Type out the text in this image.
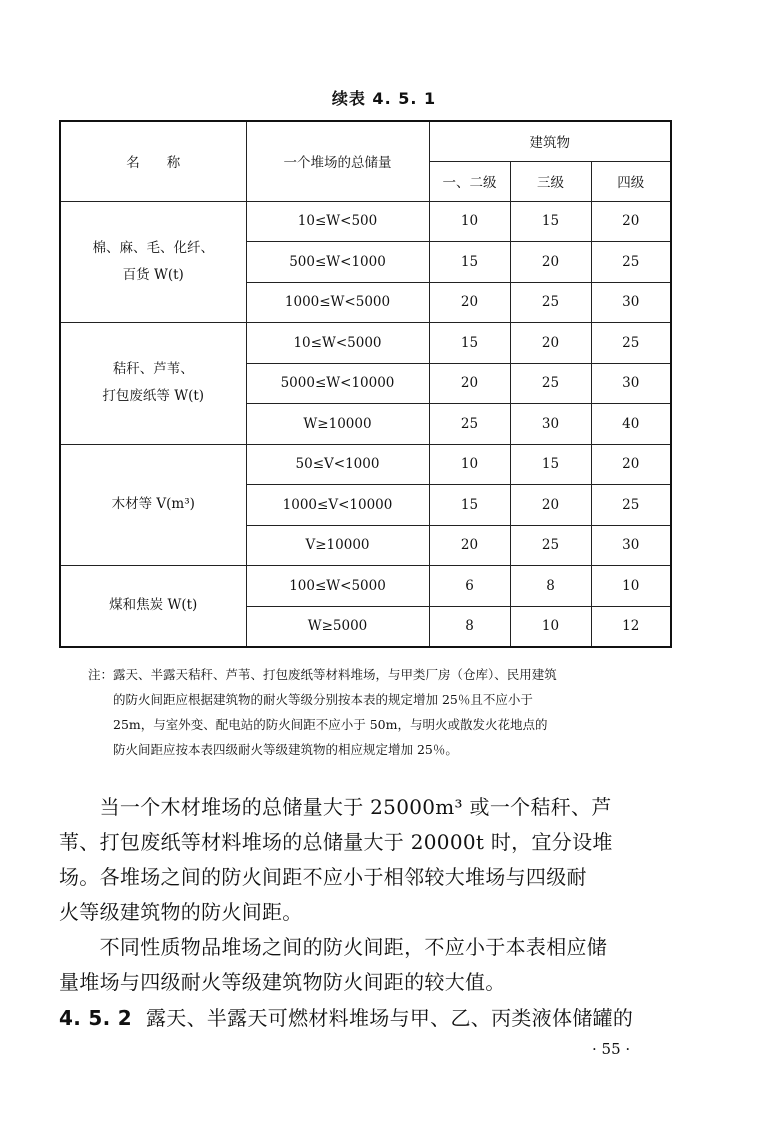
续表 4. 5. 1
名　　称	一个堆场的总储量	建筑物		
		一、二级	三级	四级

棉、麻、毛、化纤、
百货 W(t)	10≤W<500	10	15	20
	500≤W<1000	15	20	25
	1000≤W<5000	20	25	30

秸秆、芦苇、
打包废纸等 W(t)	10≤W<5000	15	20	25
	5000≤W<10000	20	25	30
	W≥10000	25	30	40

木材等 V(m³)	50≤V<1000	10	15	20
	1000≤V<10000	15	20	25
	V≥10000	20	25	30

煤和焦炭 W(t)	100≤W<5000	6	8	10
	W≥5000	8	10	12

注：露天、半露天秸秆、芦苇、打包废纸等材料堆场，与甲类厂房（仓库）、民用建筑

　　的防火间距应根据建筑物的耐火等级分别按本表的规定增加 25％且不应小于

　　25m，与室外变、配电站的防火间距不应小于 50m，与明火或散发火花地点的

　　防火间距应按本表四级耐火等级建筑物的相应规定增加 25％。

　　当一个木材堆场的总储量大于 25000m³ 或一个秸秆、芦

苇、打包废纸等材料堆场的总储量大于 20000t 时，宜分设堆

场。各堆场之间的防火间距不应小于相邻较大堆场与四级耐

火等级建筑物的防火间距。

　　不同性质物品堆场之间的防火间距，不应小于本表相应储

量堆场与四级耐火等级建筑物防火间距的较大值。

4. 5. 2 露天、半露天可燃材料堆场与甲、乙、丙类液体储罐的

· 55 ·
